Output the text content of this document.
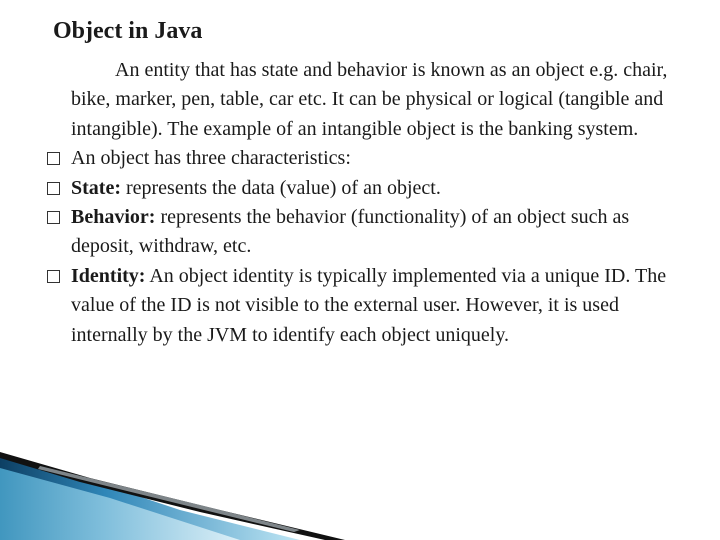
Object in Java

An entity that has state and behavior is known as an object e.g. chair, bike, marker, pen, table, car etc. It can be physical or logical (tangible and intangible). The example of an intangible object is the banking system.

An object has three characteristics:

State: represents the data (value) of an object.

Behavior: represents the behavior (functionality) of an object such as deposit, withdraw, etc.

Identity: An object identity is typically implemented via a unique ID. The value of the ID is not visible to the external user. However, it is used internally by the JVM to identify each object uniquely.
